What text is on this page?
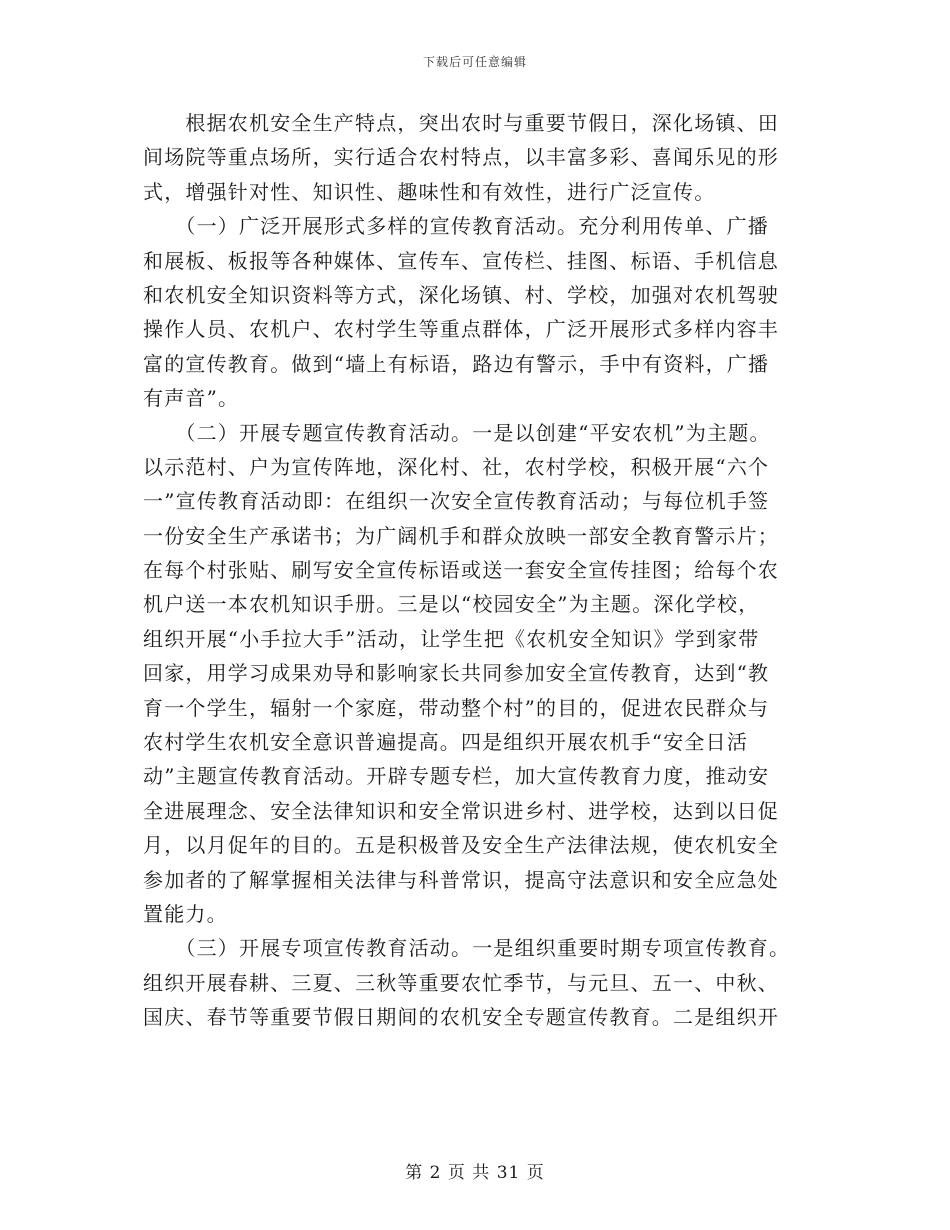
下载后可任意编辑
　　根据农机安全生产特点，突出农时与重要节假日，深化场镇、田
间场院等重点场所，实行适合农村特点，以丰富多彩、喜闻乐见的形
式，增强针对性、知识性、趣味性和有效性，进行广泛宣传。
　　（一）广泛开展形式多样的宣传教育活动。充分利用传单、广播
和展板、板报等各种媒体、宣传车、宣传栏、挂图、标语、手机信息
和农机安全知识资料等方式，深化场镇、村、学校，加强对农机驾驶
操作人员、农机户、农村学生等重点群体，广泛开展形式多样内容丰
富的宣传教育。做到“墙上有标语，路边有警示，手中有资料，广播
有声音”。
　　（二）开展专题宣传教育活动。一是以创建“平安农机”为主题。
以示范村、户为宣传阵地，深化村、社，农村学校，积极开展“六个
一”宣传教育活动即：在组织一次安全宣传教育活动；与每位机手签
一份安全生产承诺书；为广阔机手和群众放映一部安全教育警示片；
在每个村张贴、刷写安全宣传标语或送一套安全宣传挂图；给每个农
机户送一本农机知识手册。三是以“校园安全”为主题。深化学校，
组织开展“小手拉大手”活动，让学生把《农机安全知识》学到家带
回家，用学习成果劝导和影响家长共同参加安全宣传教育，达到“教
育一个学生，辐射一个家庭，带动整个村”的目的，促进农民群众与
农村学生农机安全意识普遍提高。四是组织开展农机手“安全日活
动”主题宣传教育活动。开辟专题专栏，加大宣传教育力度，推动安
全进展理念、安全法律知识和安全常识进乡村、进学校，达到以日促
月，以月促年的目的。五是积极普及安全生产法律法规，使农机安全
参加者的了解掌握相关法律与科普常识，提高守法意识和安全应急处
置能力。
　　（三）开展专项宣传教育活动。一是组织重要时期专项宣传教育。
组织开展春耕、三夏、三秋等重要农忙季节，与元旦、五一、中秋、
国庆、春节等重要节假日期间的农机安全专题宣传教育。二是组织开
第 2 页 共 31 页
